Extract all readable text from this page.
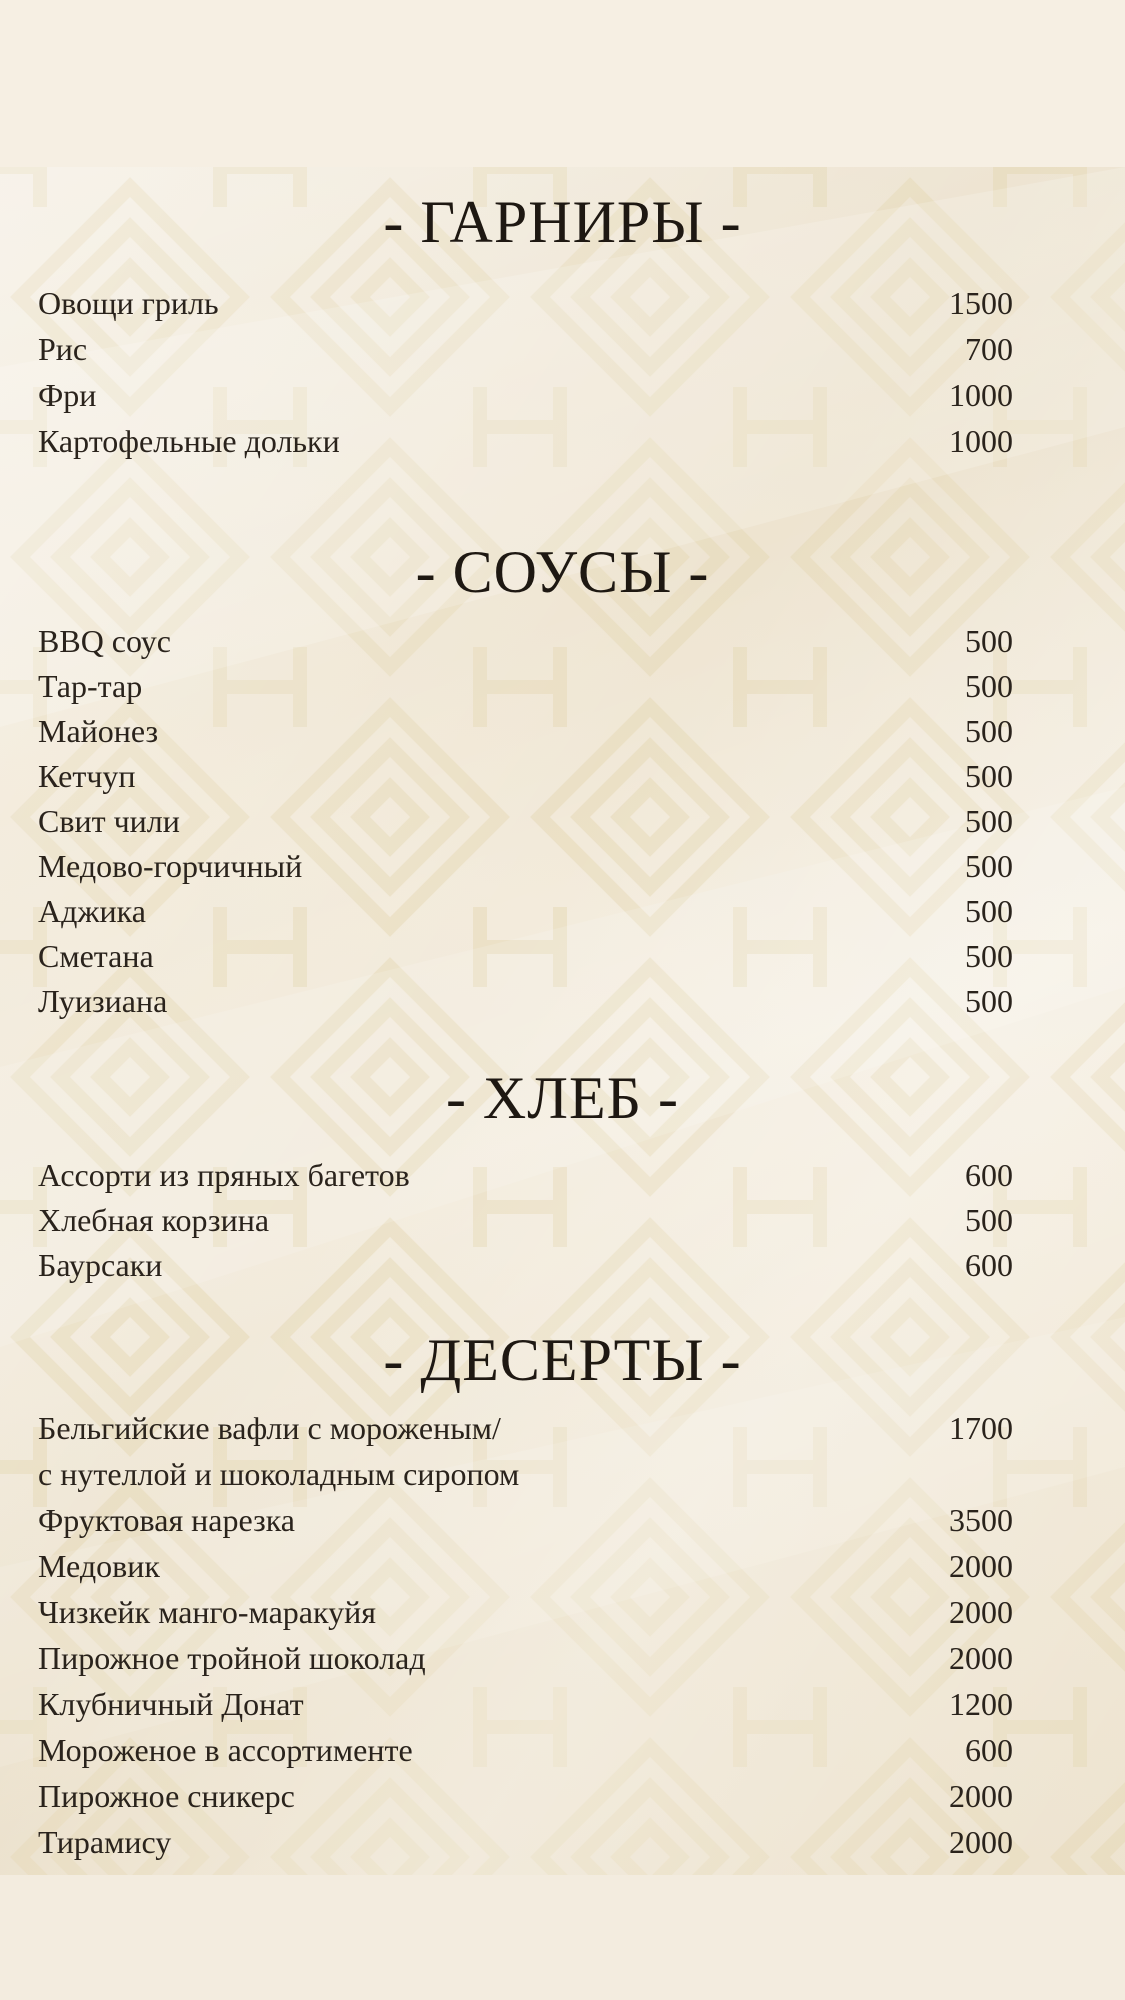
- ГАРНИРЫ -
Овощи гриль	1500
Рис	700
Фри	1000
Картофельные дольки	1000
- СОУСЫ -
BBQ соус	500
Тар-тар	500
Майонез	500
Кетчуп	500
Свит чили	500
Медово-горчичный	500
Аджика	500
Сметана	500
Луизиана	500
- ХЛЕБ -
Ассорти из пряных багетов	600
Хлебная корзина	500
Баурсаки	600
- ДЕСЕРТЫ -
Бельгийские вафли с мороженым/	1700
с нутеллой и шоколадным сиропом
Фруктовая нарезка	3500
Медовик	2000
Чизкейк манго-маракуйя	2000
Пирожное тройной шоколад	2000
Клубничный Донат	1200
Мороженое в ассортименте	600
Пирожное сникерс	2000
Тирамису	2000
